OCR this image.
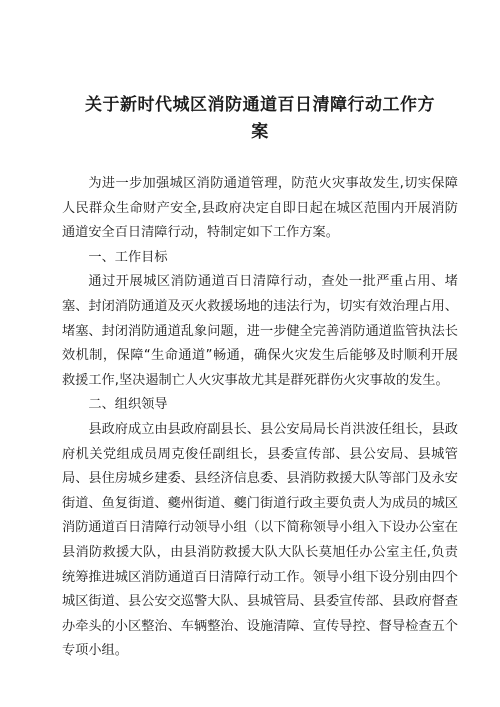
关于新时代城区消防通道百日清障行动工作方
案

为进一步加强城区消防通道管理，防范火灾事故发生,切实保障人民群众生命财产安全,县政府决定自即日起在城区范围内开展消防通道安全百日清障行动，特制定如下工作方案。

一、工作目标

通过开展城区消防通道百日清障行动，查处一批严重占用、堵塞、封闭消防通道及灭火救援场地的违法行为，切实有效治理占用、堵塞、封闭消防通道乱象问题，进一步健全完善消防通道监管执法长效机制，保障“生命通道”畅通，确保火灾发生后能够及时顺利开展救援工作,坚决遏制亡人火灾事故尤其是群死群伤火灾事故的发生。

二、组织领导

县政府成立由县政府副县长、县公安局局长肖洪波任组长，县政府机关党组成员周克俊任副组长，县委宣传部、县公安局、县城管局、县住房城乡建委、县经济信息委、县消防救援大队等部门及永安街道、鱼复街道、夔州街道、夔门街道行政主要负责人为成员的城区消防通道百日清障行动领导小组（以下简称领导小组入下设办公室在县消防救援大队，由县消防救援大队大队长莫旭任办公室主任,负责统筹推进城区消防通道百日清障行动工作。领导小组下设分别由四个城区街道、县公安交巡警大队、县城管局、县委宣传部、县政府督查办牵头的小区整治、车辆整治、设施清障、宣传导控、督导检查五个专项小组。
